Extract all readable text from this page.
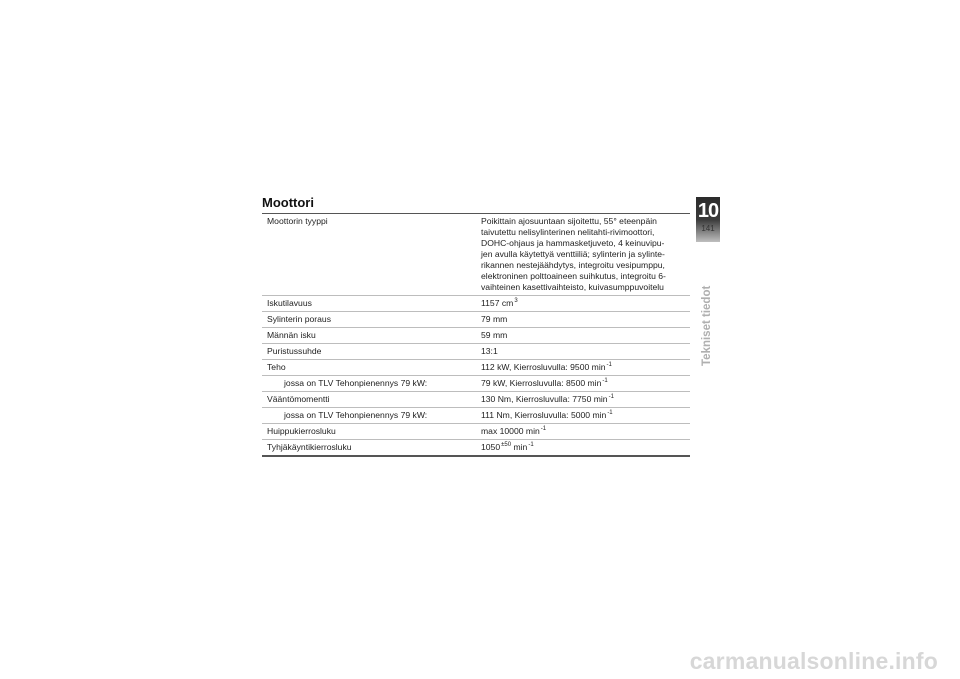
Moottori
Moottorin tyyppi	Poikittain ajosuuntaan sijoitettu, 55° eteenpäin
taivutettu nelisylinterinen nelitahti-rivimoottori,
DOHC-ohjaus ja hammasketjuveto, 4 keinuvipu-
jen avulla käytettyä venttiiliä; sylinterin ja sylinte-
rikannen nestejäähdytys, integroitu vesipumppu,
elektroninen polttoaineen suihkutus, integroitu 6-
vaihteinen kasettivaihteisto, kuivasumppuvoitelu
Iskutilavuus	1157 $cm^3$
Sylinterin poraus	79 mm
Männän isku	59 mm
Puristussuhde	13:1
Teho	112 kW, Kierrosluvulla: 9500 $\min^{-1}$
jossa on TLV Tehonpienennys 79 kW:	79 kW, Kierrosluvulla: 8500 $\min^{-1}$
Vääntömomentti	130 Nm, Kierrosluvulla: 7750 $\min^{-1}$
jossa on TLV Tehonpienennys 79 kW:	111 Nm, Kierrosluvulla: 5000 $\min^{-1}$
Huippukierrosluku	max 10000 $\min^{-1}$
Tyhjäkäyntikierrosluku	$1050^{\pm 50}$ $\min^{-1}$
10
141
Tekniset tiedot
carmanualsonline.info
